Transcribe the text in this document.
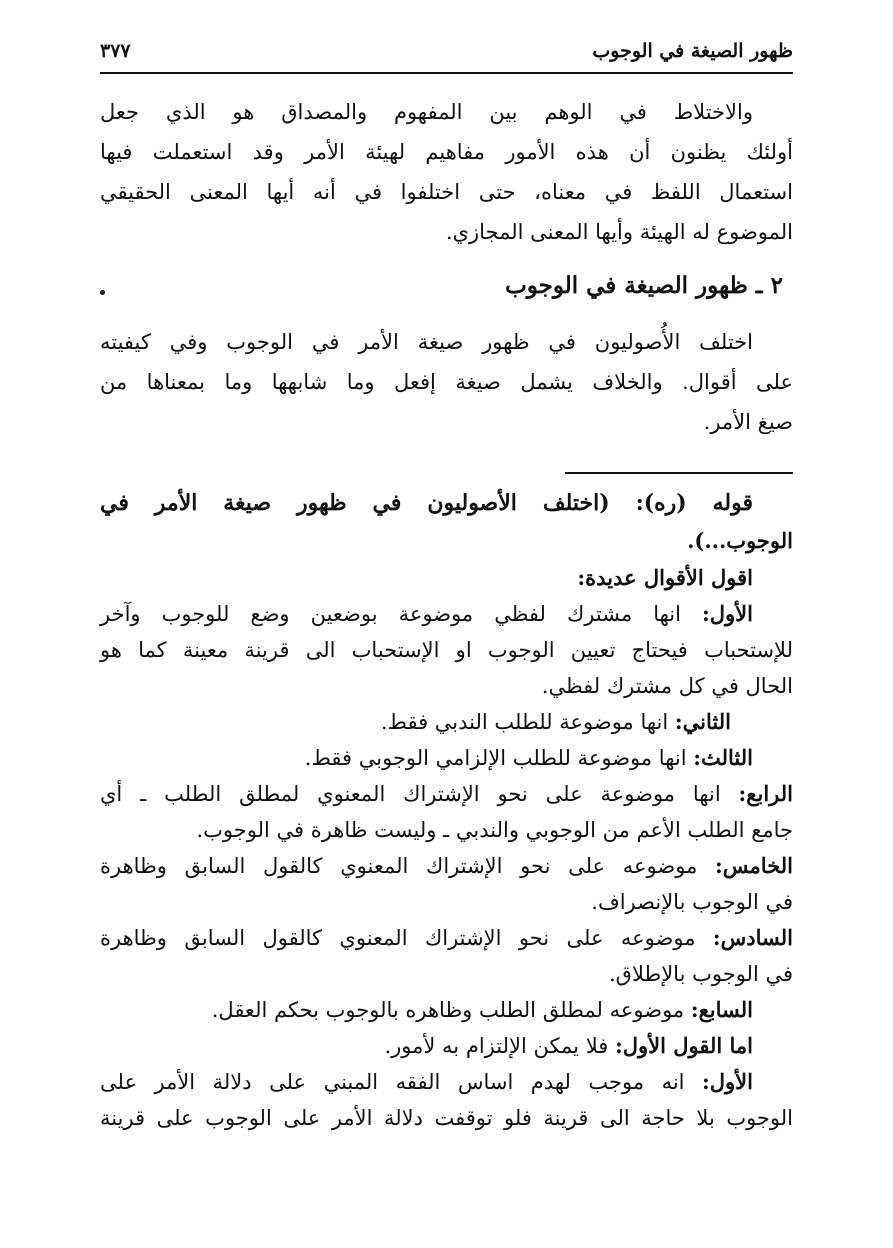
ظهور الصيغة في الوجوب
٣٧٧
والاختلاط في الوهم بين المفهوم والمصداق هو الذي جعل
أولئك يظنون أن هذه الأمور مفاهيم لهيئة الأمر وقد استعملت فيها
استعمال اللفظ في معناه، حتى اختلفوا في أنه أيها المعنى الحقيقي
الموضوع له الهيئة وأيها المعنى المجازي.
٢ ـ ظهور الصيغة في الوجوب
اختلف الأُصوليون في ظهور صيغة الأمر في الوجوب وفي كيفيته
على أقوال. والخلاف يشمل صيغة إفعل وما شابهها وما بمعناها من
صيغ الأمر.
قوله (ره): (اختلف الأصوليون في ظهور صيغة الأمر في
الوجوب...).
اقول الأقوال عديدة:
الأول: انها مشترك لفظي موضوعة بوضعين وضع للوجوب وآخر
للإستحباب فيحتاج تعيين الوجوب او الإستحباب الى قرينة معينة كما هو
الحال في كل مشترك لفظي.
الثاني: انها موضوعة للطلب الندبي فقط.
الثالث: انها موضوعة للطلب الإلزامي الوجوبي فقط.
الرابع: انها موضوعة على نحو الإشتراك المعنوي لمطلق الطلب ـ أي
جامع الطلب الأعم من الوجوبي والندبي ـ وليست ظاهرة في الوجوب.
الخامس: موضوعه على نحو الإشتراك المعنوي كالقول السابق وظاهرة
في الوجوب بالإنصراف.
السادس: موضوعه على نحو الإشتراك المعنوي كالقول السابق وظاهرة
في الوجوب بالإطلاق.
السابع: موضوعه لمطلق الطلب وظاهره بالوجوب بحكم العقل.
اما القول الأول: فلا يمكن الإلتزام به لأمور.
الأول: انه موجب لهدم اساس الفقه المبني على دلالة الأمر على
الوجوب بلا حاجة الى قرينة فلو توقفت دلالة الأمر على الوجوب على قرينة
